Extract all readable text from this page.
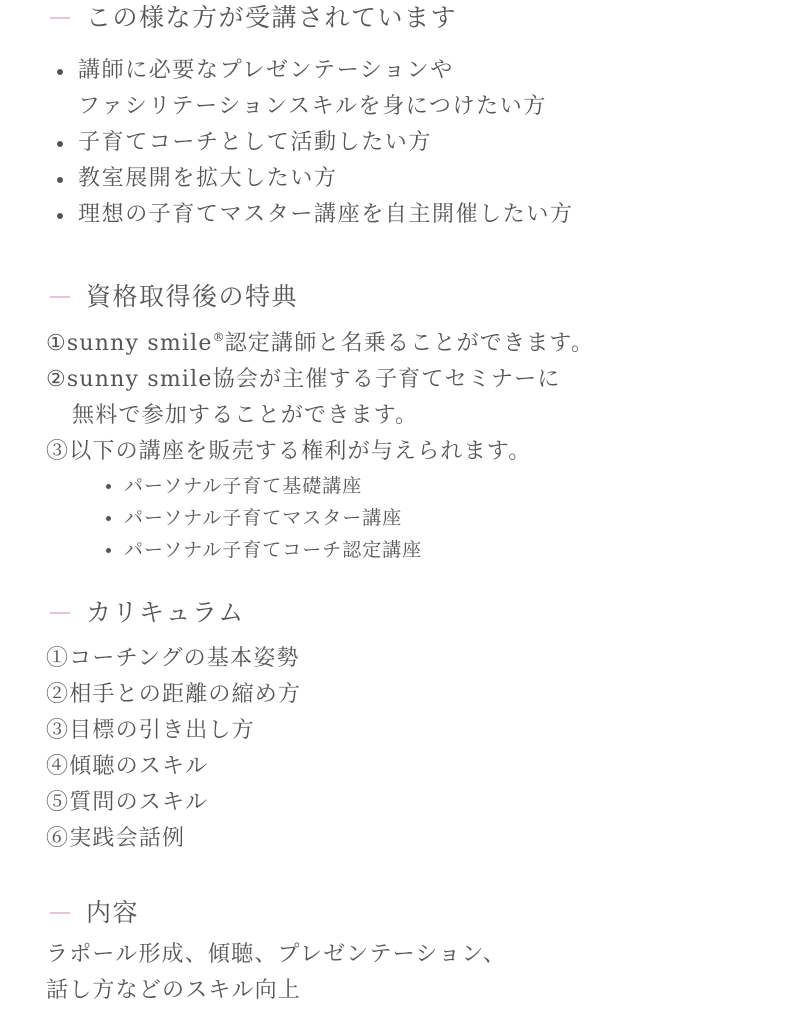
この様な方が受講されています
講師に必要なプレゼンテーションや
ファシリテーションスキルを身につけたい方
子育てコーチとして活動したい方
教室展開を拡大したい方
理想の子育てマスター講座を自主開催したい方
資格取得後の特典
①sunny smile®認定講師と名乗ることができます。
②sunny smile協会が主催する子育てセミナーに
無料で参加することができます。
③以下の講座を販売する権利が与えられます。
パーソナル子育て基礎講座
パーソナル子育てマスター講座
パーソナル子育てコーチ認定講座
カリキュラム
①コーチングの基本姿勢
②相手との距離の縮め方
③目標の引き出し方
④傾聴のスキル
⑤質問のスキル
⑥実践会話例
内容
ラポール形成、傾聴、プレゼンテーション、
話し方などのスキル向上
